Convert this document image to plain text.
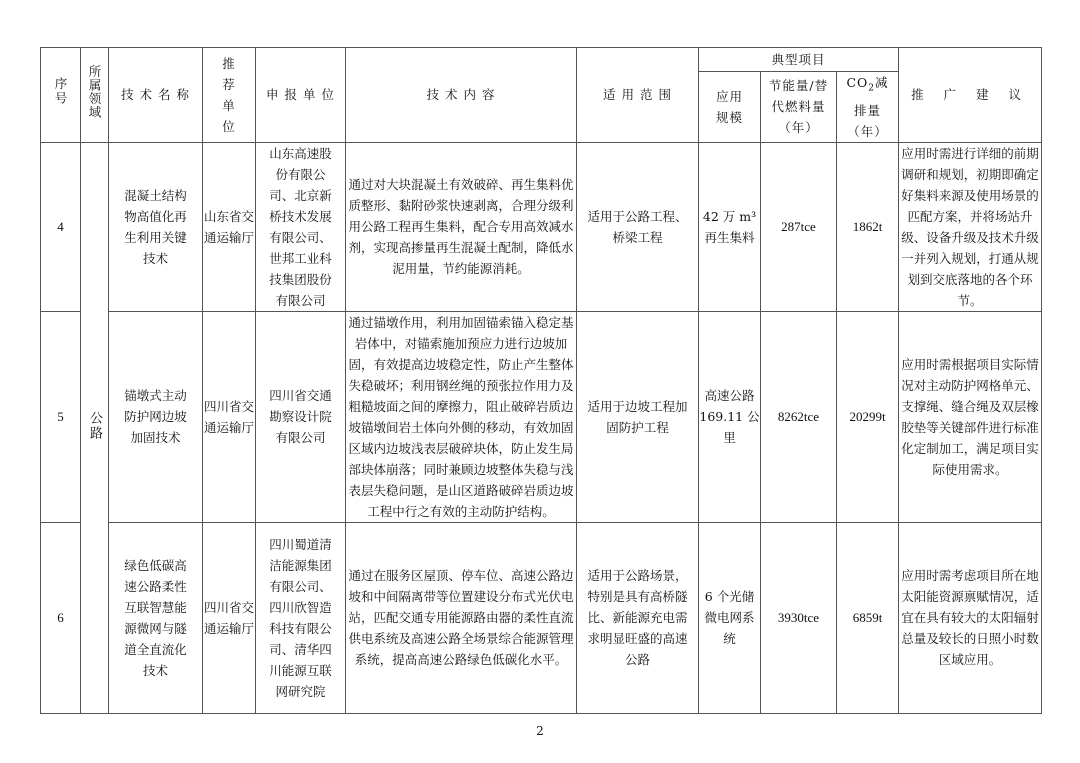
序号	所属领域	技 术 名 称	推 荐 单 位	申 报 单 位	技 术 内 容	适 用 范 围	典型项目			推 广 建 议
							应用规模	节能量/替代燃料量（年）	$CO_2$减排量（年）	
4	公路	混凝土结构物高值化再生利用关键技术	山东省交通运输厅	山东高速股份有限公司、北京新桥技术发展有限公司、世邦工业科技集团股份有限公司	通过对大块混凝土有效破碎、再生集料优质整形、黏附砂浆快速剥离，合理分级利用公路工程再生集料，配合专用高效减水剂，实现高掺量再生混凝土配制，降低水泥用量，节约能源消耗。	适用于公路工程、桥梁工程	42 万 m³ 再生集料	287tce	1862t	应用时需进行详细的前期调研和规划，初期即确定好集料来源及使用场景的匹配方案，并将场站升级、设备升级及技术升级一并列入规划，打通从规划到交底落地的各个环节。
5		锚墩式主动防护网边坡加固技术	四川省交通运输厅	四川省交通勘察设计院有限公司	通过锚墩作用，利用加固锚索锚入稳定基岩体中，对锚索施加预应力进行边坡加固，有效提高边坡稳定性，防止产生整体失稳破坏；利用钢丝绳的预张拉作用力及粗糙坡面之间的摩擦力，阻止破碎岩质边坡锚墩间岩土体向外侧的移动，有效加固区域内边坡浅表层破碎块体，防止发生局部块体崩落；同时兼顾边坡整体失稳与浅表层失稳问题，是山区道路破碎岩质边坡工程中行之有效的主动防护结构。	适用于边坡工程加固防护工程	高速公路 169.11 公里	8262tce	20299t	应用时需根据项目实际情况对主动防护网格单元、支撑绳、缝合绳及双层橡胶垫等关键部件进行标准化定制加工，满足项目实际使用需求。
6		绿色低碳高速公路柔性互联智慧能源微网与隧道全直流化技术	四川省交通运输厅	四川蜀道清洁能源集团有限公司、四川欣智造科技有限公司、清华四川能源互联网研究院	通过在服务区屋顶、停车位、高速公路边坡和中间隔离带等位置建设分布式光伏电站，匹配交通专用能源路由器的柔性直流供电系统及高速公路全场景综合能源管理系统，提高高速公路绿色低碳化水平。	适用于公路场景，特别是具有高桥隧比、新能源充电需求明显旺盛的高速公路	6 个光储微电网系统	3930tce	6859t	应用时需考虑项目所在地太阳能资源禀赋情况，适宜在具有较大的太阳辐射总量及较长的日照小时数区域应用。
2
